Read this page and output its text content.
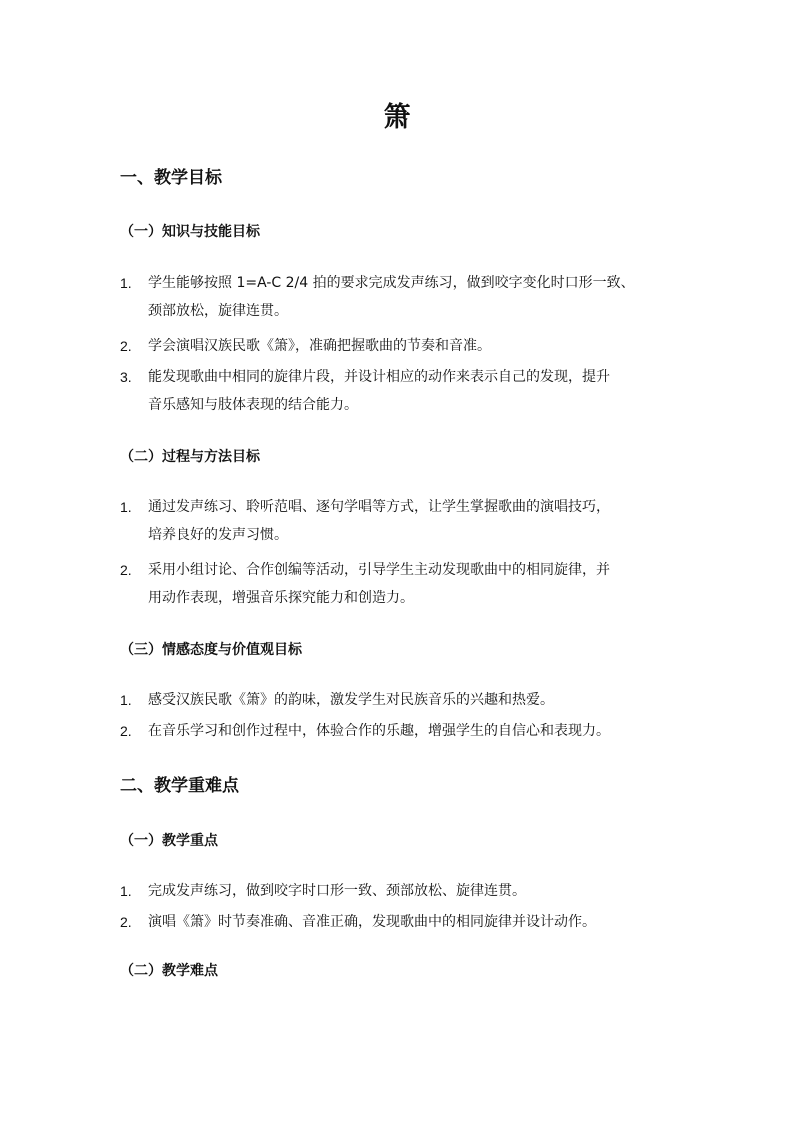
箫
一、教学目标
（一）知识与技能目标
1. 学生能够按照 1=A-C 2/4 拍的要求完成发声练习，做到咬字变化时口形一致、
颈部放松，旋律连贯。
2. 学会演唱汉族民歌《箫》，准确把握歌曲的节奏和音准。
3. 能发现歌曲中相同的旋律片段，并设计相应的动作来表示自己的发现，提升
音乐感知与肢体表现的结合能力。
（二）过程与方法目标
1. 通过发声练习、聆听范唱、逐句学唱等方式，让学生掌握歌曲的演唱技巧，
培养良好的发声习惯。
2. 采用小组讨论、合作创编等活动，引导学生主动发现歌曲中的相同旋律，并
用动作表现，增强音乐探究能力和创造力。
（三）情感态度与价值观目标
1. 感受汉族民歌《箫》的韵味，激发学生对民族音乐的兴趣和热爱。
2. 在音乐学习和创作过程中，体验合作的乐趣，增强学生的自信心和表现力。
二、教学重难点
（一）教学重点
1. 完成发声练习，做到咬字时口形一致、颈部放松、旋律连贯。
2. 演唱《箫》时节奏准确、音准正确，发现歌曲中的相同旋律并设计动作。
（二）教学难点
